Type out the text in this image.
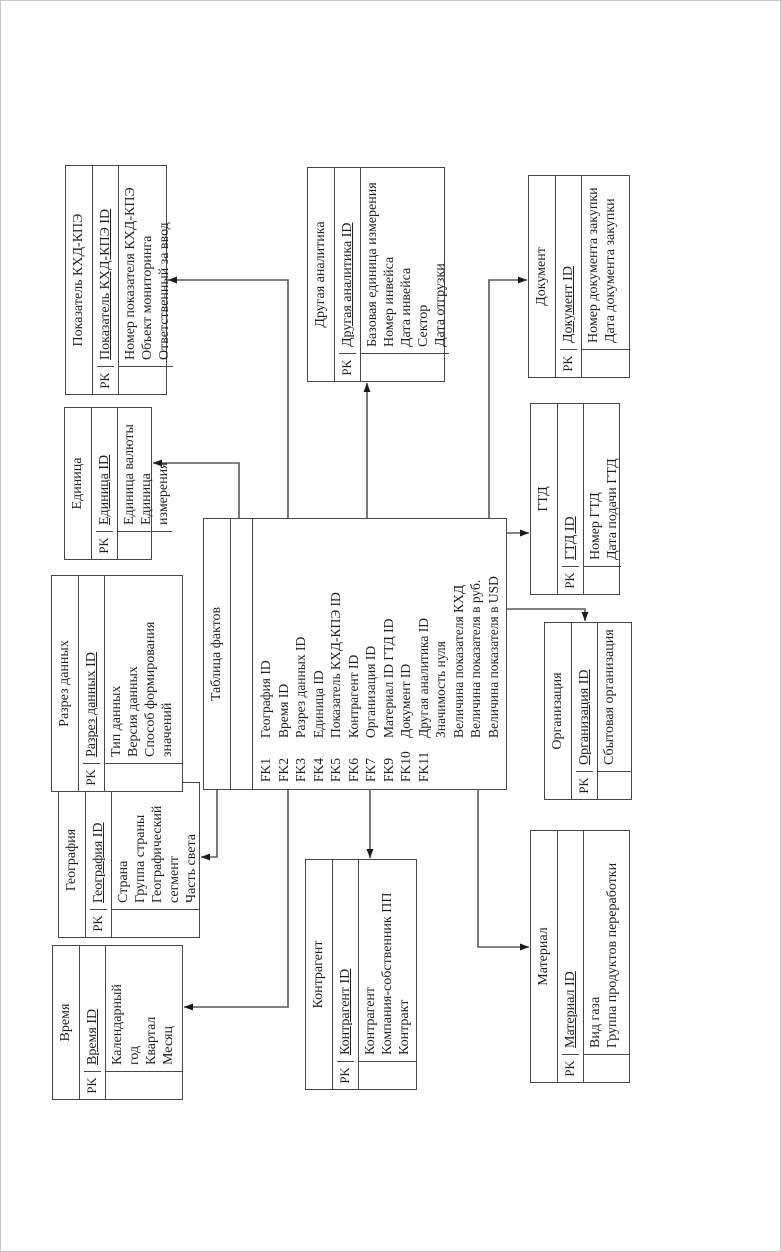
Время
PK
Время ID Календарный год Квартал Месяц
География
PK
География ID Страна Группа страны Географический сегмент Часть света
Разрез данных
PK
Разрез данных ID Тип данных Версия данных Способ формирования значений
Единица
PK
Единица ID Единица валюты Единица измерения
Показатель КХД-КПЭ
PK
Показатель КХД-КПЭ ID Номер показателя КХД-КПЭ Объект мониторинга Ответственный за ввод	Другая аналитика
PK
Другая аналитика ID Базовая единица измерения Номер инвейса Дата инвейса Сектор Дата отгрузки
Контрагент
PK
Контрагент ID Контрагент Компания-собственник ПП Контракт
Материал
PK
Материал ID Вид газа Группа продуктов переработки
Организация
PK
Организация ID Сбытовая организация
ГТД
PK
ГТД ID Номер ГТД Дата подачи ГТД
Документ
PK
Документ ID Номер документа закупки Дата документа закупки
Таблица фактов
FK1
География ID
FK2
Время ID
FK3
Разрез данных ID
FK4
Единица ID
FK5
Показатель КХД-КПЭ ID
FK6
Контрагент ID
FK7
Организация ID
FK9
Материал ID ГТД ID
FK10
Документ ID
FK11
Другая аналитика ID Значимость нуля Величина показателя КХД Величина показателя в руб. Величина показателя в USD
